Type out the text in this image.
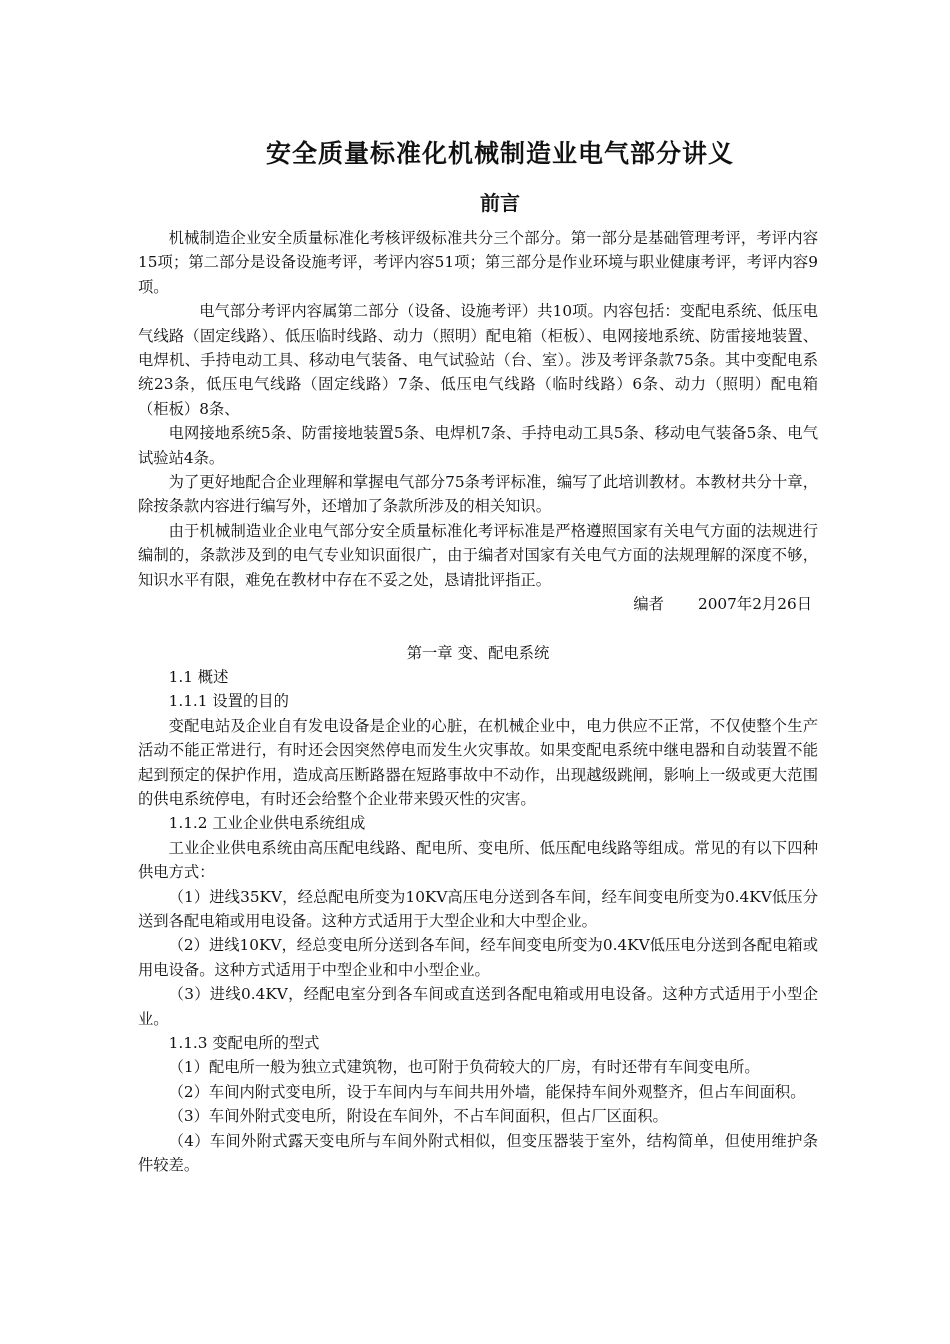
安全质量标准化机械制造业电气部分讲义
前言

机械制造企业安全质量标准化考核评级标准共分三个部分。第一部分是基础管理考评，考评内容15项；第二部分是设备设施考评，考评内容51项；第三部分是作业环境与职业健康考评，考评内容9项。

电气部分考评内容属第二部分（设备、设施考评）共10项。内容包括：变配电系统、低压电气线路（固定线路）、低压临时线路、动力（照明）配电箱（柜板）、电网接地系统、防雷接地装置、电焊机、手持电动工具、移动电气装备、电气试验站（台、室）。涉及考评条款75条。其中变配电系统23条，低压电气线路（固定线路）7条、低压电气线路（临时线路）6条、动力（照明）配电箱（柜板）8条、

电网接地系统5条、防雷接地装置5条、电焊机7条、手持电动工具5条、移动电气装备5条、电气试验站4条。

为了更好地配合企业理解和掌握电气部分75条考评标准，编写了此培训教材。本教材共分十章，除按条款内容进行编写外，还增加了条款所涉及的相关知识。

由于机械制造业企业电气部分安全质量标准化考评标准是严格遵照国家有关电气方面的法规进行编制的，条款涉及到的电气专业知识面很广，由于编者对国家有关电气方面的法规理解的深度不够，知识水平有限，难免在教材中存在不妥之处，恳请批评指正。

编者 2007年2月26日

第一章 变、配电系统

1.1 概述

1.1.1 设置的目的

变配电站及企业自有发电设备是企业的心脏，在机械企业中，电力供应不正常，不仅使整个生产活动不能正常进行，有时还会因突然停电而发生火灾事故。如果变配电系统中继电器和自动装置不能起到预定的保护作用，造成高压断路器在短路事故中不动作，出现越级跳闸，影响上一级或更大范围的供电系统停电，有时还会给整个企业带来毁灭性的灾害。

1.1.2 工业企业供电系统组成

工业企业供电系统由高压配电线路、配电所、变电所、低压配电线路等组成。常见的有以下四种供电方式：

（1）进线35KV，经总配电所变为10KV高压电分送到各车间，经车间变电所变为0.4KV低压分送到各配电箱或用电设备。这种方式适用于大型企业和大中型企业。

（2）进线10KV，经总变电所分送到各车间，经车间变电所变为0.4KV低压电分送到各配电箱或用电设备。这种方式适用于中型企业和中小型企业。

（3）进线0.4KV，经配电室分到各车间或直送到各配电箱或用电设备。这种方式适用于小型企业。

1.1.3 变配电所的型式

（1）配电所一般为独立式建筑物，也可附于负荷较大的厂房，有时还带有车间变电所。

（2）车间内附式变电所，设于车间内与车间共用外墙，能保持车间外观整齐，但占车间面积。

（3）车间外附式变电所，附设在车间外，不占车间面积，但占厂区面积。

（4）车间外附式露天变电所与车间外附式相似，但变压器装于室外，结构简单，但使用维护条件较差。
